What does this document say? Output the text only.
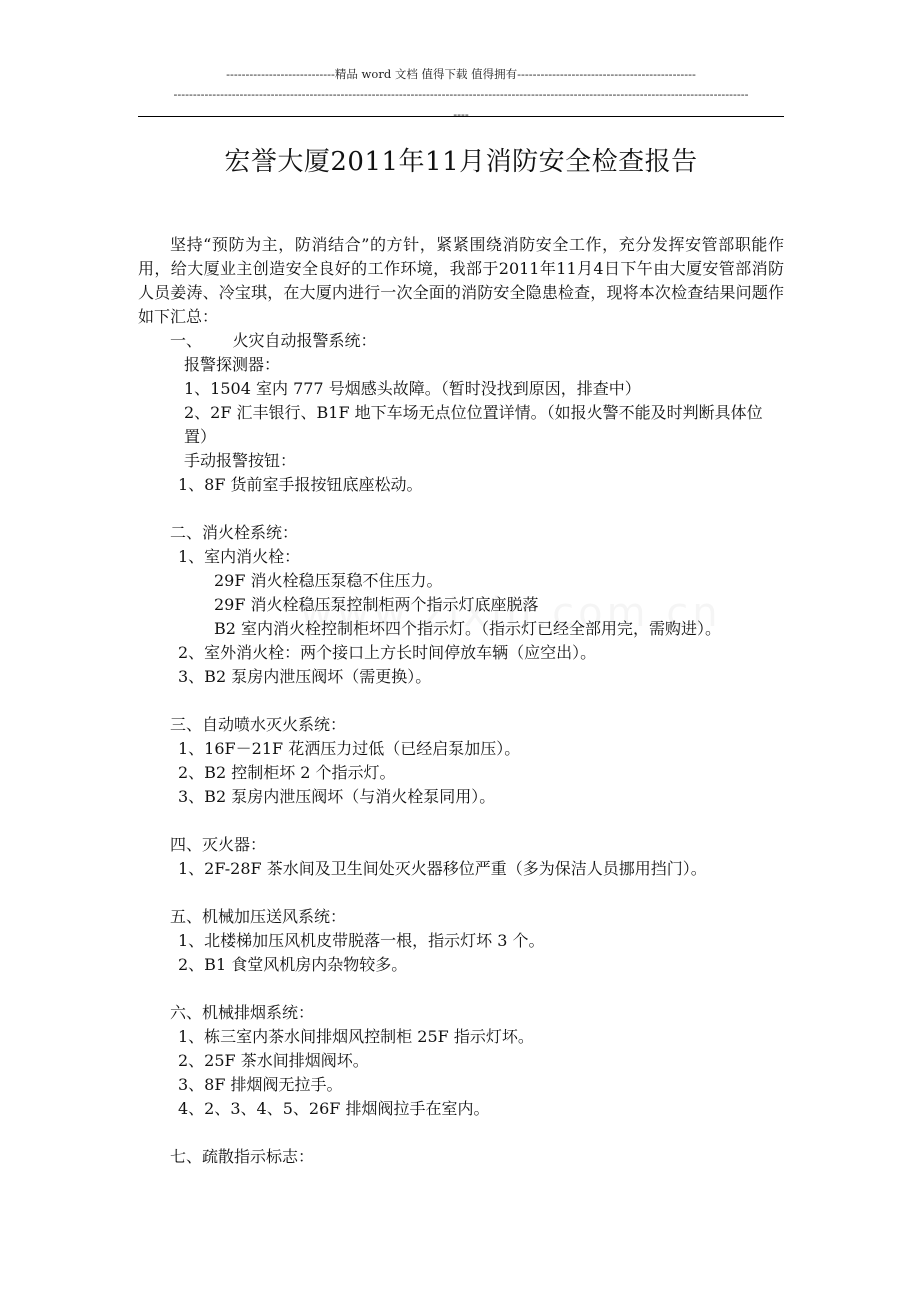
----------------------------精品 word 文档 值得下载 值得拥有----------------------------------------------
----------------------------------------------------------------------------------------------------------------------------------------------------
----
宏誉大厦2011年11月消防安全检查报告

坚持“预防为主，防消结合”的方针，紧紧围绕消防安全工作，充分发挥安管部职能作用，给大厦业主创造安全良好的工作环境，我部于2011年11月4日下午由大厦安管部消防人员姜涛、冷宝琪，在大厦内进行一次全面的消防安全隐患检查，现将本次检查结果问题作如下汇总：

一、      火灾自动报警系统：

报警探测器：

1、1504 室内 777 号烟感头故障。（暂时没找到原因，排查中）

2、2F 汇丰银行、B1F 地下车场无点位位置详情。（如报火警不能及时判断具体位置）

手动报警按钮：

1、8F 货前室手报按钮底座松动。

二、消火栓系统：

1、室内消火栓：

29F 消火栓稳压泵稳不住压力。

29F 消火栓稳压泵控制柜两个指示灯底座脱落

B2 室内消火栓控制柜坏四个指示灯。（指示灯已经全部用完，需购进）。

2、室外消火栓：两个接口上方长时间停放车辆（应空出）。

3、B2 泵房内泄压阀坏（需更换）。

三、自动喷水灭火系统：

1、16F－21F 花洒压力过低（已经启泵加压）。

2、B2 控制柜坏 2 个指示灯。

3、B2 泵房内泄压阀坏（与消火栓泵同用）。

四、灭火器：

1、2F-28F 茶水间及卫生间处灭火器移位严重（多为保洁人员挪用挡门）。

五、机械加压送风系统：

1、北楼梯加压风机皮带脱落一根，指示灯坏 3 个。

2、B1 食堂风机房内杂物较多。

六、机械排烟系统：

1、栋三室内茶水间排烟风控制柜 25F 指示灯坏。

2、25F 茶水间排烟阀坏。

3、8F 排烟阀无拉手。

4、2、3、4、5、26F 排烟阀拉手在室内。

七、疏散指示标志：
